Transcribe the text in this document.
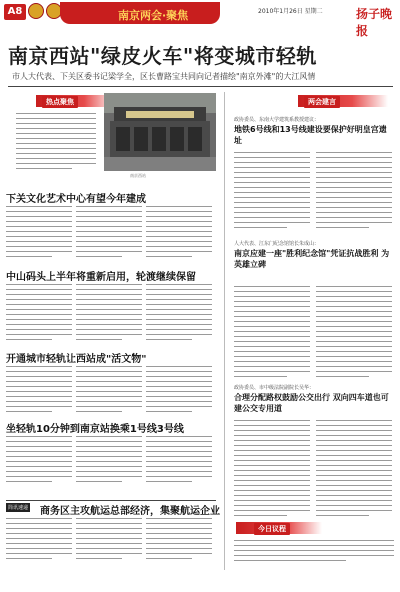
A8	南京两会·聚焦	2010年1月26日 星期二	扬子晚报
南京西站"绿皮火车"将变城市轻轨
市人大代表、下关区委书记梁学全，区长曹路宝共同向记者描绘"南京外滩"的大江风情
热点聚焦
南京西站
下关文化艺术中心有望今年建成
中山码头上半年将重新启用，轮渡继续保留
开通城市轻轨让西站成"活文物"
坐轻轨10分钟到南京站换乘1号线3号线
简讯速递 商务区主攻航运总部经济，集聚航运企业
两会建言
政协委员、东南大学建筑系教授建议：
地铁6号线和13号线建设要保护好明皇宫遗址
人大代表、江东门纪念馆馆长朱成山：
南京应建一座"胜利纪念馆"凭证抗战胜利 为英雄立碑
政协委员、市中级法院副院长吴华：
合理分配路权鼓励公交出行 双向四车道也可建公交专用道
今日议程
